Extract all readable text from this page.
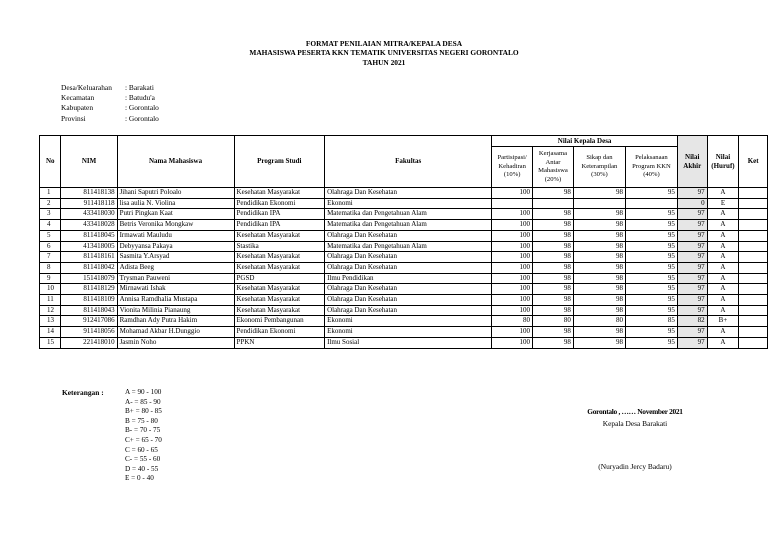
FORMAT PENILAIAN MITRA/KEPALA DESA
MAHASISWA PESERTA KKN TEMATIK UNIVERSITAS NEGERI GORONTALO
TAHUN 2021
Desa/Keluarahan	: Barakati
Kecamatan	: Batudu'a
Kabupaten	: Gorontalo
Provinsi	: Gorontalo
No	NIM	Nama Mahasiswa	Program Studi	Fakultas	Nilai Kepala Desa				Nilai Akhir	Nilai (Huruf)	Ket
					Partisipasi/ Kehadiran (10%)	Kerjasama Antar Mahasiswa (20%)	Sikap dan Keterampilan (30%)	Pelaksanaan Program KKN (40%)			
1	811418138	Jihani Saputri Poloalo	Kesehatan Masyarakat	Olahraga Dan Kesehatan	100	98	98	95	97	A	
2	911418118	lisa aulia N. Violina	Pendidikan Ekonomi	Ekonomi					0	E	
3	433418030	Putri Pingkan Kaat	Pendidikan IPA	Matematika dan Pengetahuan Alam	100	98	98	95	97	A	
4	433418028	Betris Veronika Mongkaw	Pendidikan IPA	Matematika dan Pengetahuan Alam	100	98	98	95	97	A	
5	811418045	Irmawati Mauludu	Kesehatan Masyarakat	Olahraga Dan Kesehatan	100	98	98	95	97	A	
6	413418005	Debyyansa Pakaya	Stastika	Matematika dan Pengetahuan Alam	100	98	98	95	97	A	
7	811418161	Sasmita Y.Arsyad	Kesehatan Masyarakat	Olahraga Dan Kesehatan	100	98	98	95	97	A	
8	811418042	Adista Beeg	Kesehatan Masyarakat	Olahraga Dan Kesehatan	100	98	98	95	97	A	
9	151418079	Trysman Pauweni	PGSD	Ilmu Pendidikan	100	98	98	95	97	A	
10	811418129	Mirnawati Ishak	Kesehatan Masyarakat	Olahraga Dan Kesehatan	100	98	98	95	97	A	
11	811418109	Annisa Ramdhalia Mustapa	Kesehatan Masyarakat	Olahraga Dan Kesehatan	100	98	98	95	97	A	
12	811418043	Vionita Milinia Pianaung	Kesehatan Masyarakat	Olahraga Dan Kesehatan	100	98	98	95	97	A	
13	912417086	Ramdhan Ady Putra Hakim	Ekonomi Pembangunan	Ekonomi	80	80	80	85	82	B+	
14	911418056	Mohamad Akbar H.Dunggio	Pendidikan Ekonomi	Ekonomi	100	98	98	95	97	A	
15	221418010	Jasmin Noho	PPKN	Ilmu Sosial	100	98	98	95	97	A	
Keterangan :	A = 90 - 100
A- = 85 - 90
B+ = 80 - 85
B = 75 - 80
B- = 70 - 75
C+ = 65 - 70
C = 60 - 65
C- = 55 - 60
D = 40 - 55
E = 0 - 40
Gorontalo , …… November 2021
Kepala Desa Barakati
(Nuryadin Jercy Badaru)
